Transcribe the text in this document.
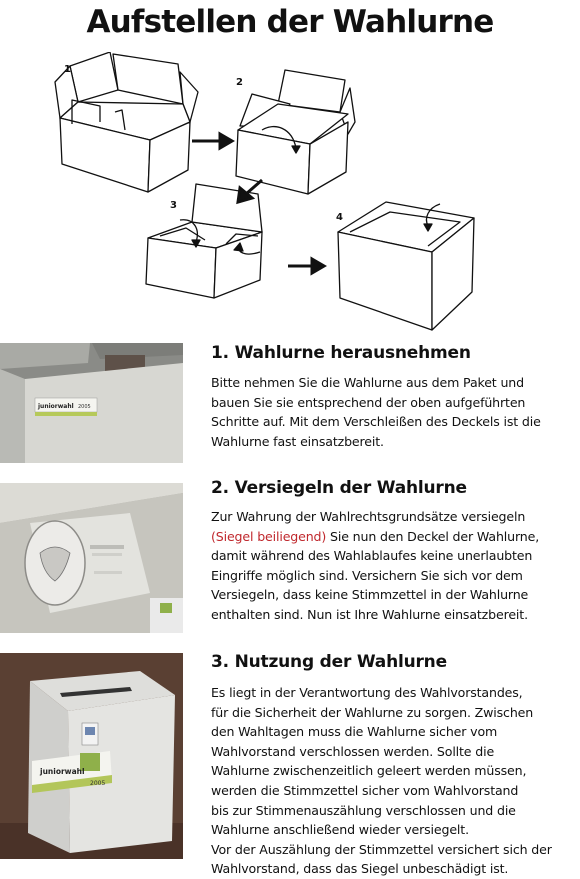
Aufstellen der Wahlurne
1
2
3
4
juniorwahl 2005
juniorwahl
2005
1. Wahlurne herausnehmen

Bitte nehmen Sie die Wahlurne aus dem Paket und
bauen Sie sie entsprechend der oben aufgeführten
Schritte auf. Mit dem Verschleißen des Deckels ist die
Wahlurne fast einsatzbereit.

2. Versiegeln der Wahlurne

Zur Wahrung der Wahlrechtsgrundsätze versiegeln
(Siegel beiliegend) Sie nun den Deckel der Wahlurne,
damit während des Wahlablaufes keine unerlaubten
Eingriffe möglich sind. Versichern Sie sich vor dem
Versiegeln, dass keine Stimmzettel in der Wahlurne
enthalten sind. Nun ist Ihre Wahlurne einsatzbereit.

3. Nutzung der Wahlurne

Es liegt in der Verantwortung des Wahlvorstandes,
für die Sicherheit der Wahlurne zu sorgen. Zwischen
den Wahltagen muss die Wahlurne sicher vom
Wahlvorstand verschlossen werden. Sollte die
Wahlurne zwischenzeitlich geleert werden müssen,
werden die Stimmzettel sicher vom Wahlvorstand
bis zur Stimmenauszählung verschlossen und die
Wahlurne anschließend wieder versiegelt.
Vor der Auszählung der Stimmzettel versichert sich der
Wahlvorstand, dass das Siegel unbeschädigt ist.
